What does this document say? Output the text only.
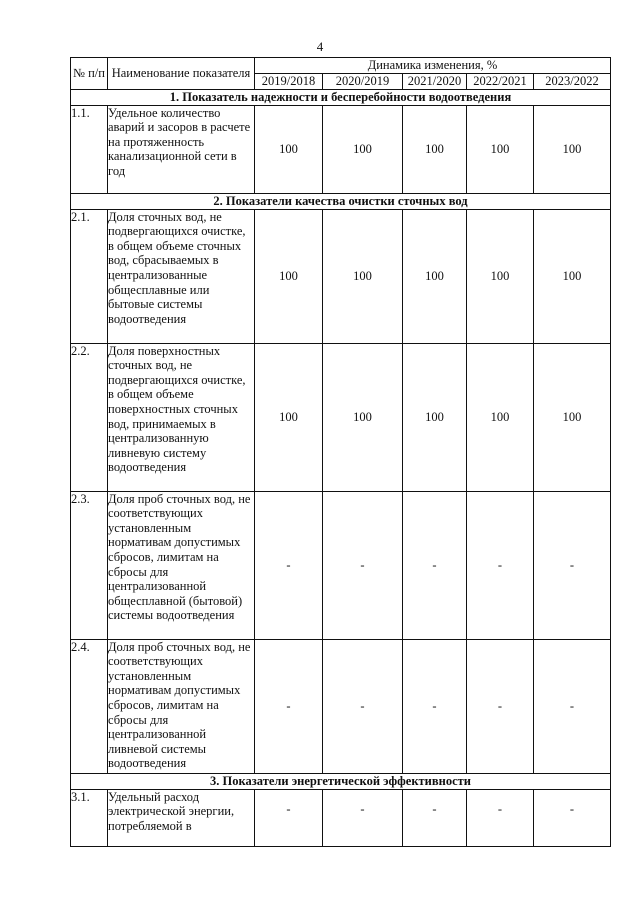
4
№ п/п	Наименование показателя	Динамика изменения, %				
		2019/2018	2020/2019	2021/2020	2022/2021	2023/2022
1. Показатель надежности и бесперебойности водоотведения						
1.1.	Удельное количество аварий и засоров в расчете на протяженность канализационной сети в год	100	100	100	100	100
2. Показатели качества очистки сточных вод						
2.1.	Доля сточных вод, не подвергающихся очистке, в общем объеме сточных вод, сбрасываемых в централизованные общесплавные или бытовые системы водоотведения	100	100	100	100	100
2.2.	Доля поверхностных сточных вод, не подвергающихся очистке, в общем объеме поверхностных сточных вод, принимаемых в централизованную ливневую систему водоотведения	100	100	100	100	100
2.3.	Доля проб сточных вод, не соответствующих установленным нормативам допустимых сбросов, лимитам на сбросы для централизованной общесплавной (бытовой) системы водоотведения	-	-	-	-	-
2.4.	Доля проб сточных вод, не соответствующих установленным нормативам допустимых сбросов, лимитам на сбросы для централизованной ливневой системы водоотведения	-	-	-	-	-
3. Показатели энергетической эффективности						
3.1.	Удельный расход электрической энергии, потребляемой в	-	-	-	-	-
